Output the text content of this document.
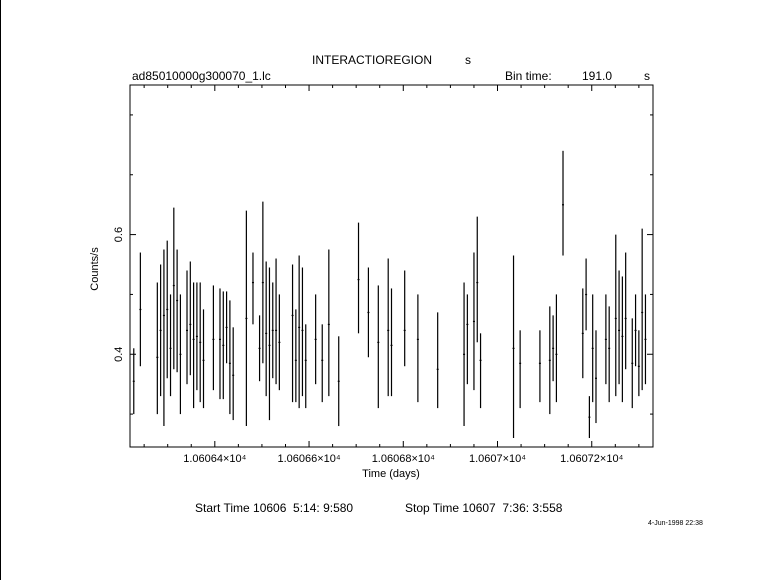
INTERACTIOREGION	s
ad85010000g300070_1.lc	Bin time:	191.0	s
1.06064×10⁴	1.06066×10⁴	1.06068×10⁴	1.0607×10⁴	1.06072×10⁴
0.4
0.6
Time (days)
Counts/s
Start Time 10606  5:14: 9:580	Stop Time 10607  7:36: 3:558
4-Jun-1998 22:38
